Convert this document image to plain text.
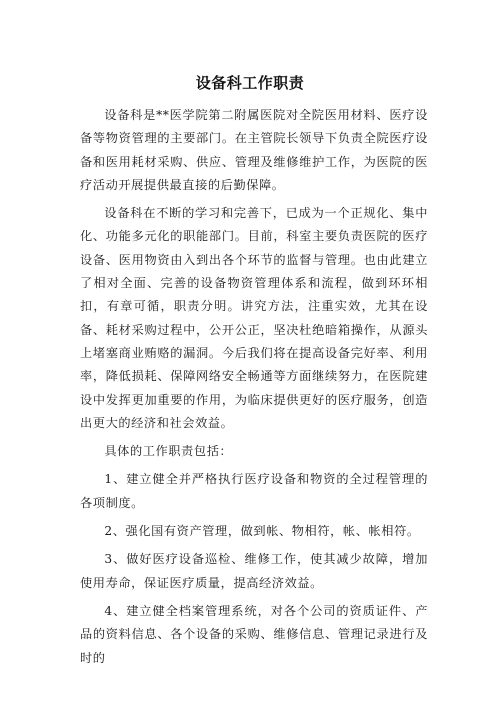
设备科工作职责

设备科是**医学院第二附属医院对全院医用材料、医疗设备等物资管理的主要部门。在主管院长领导下负责全院医疗设备和医用耗材采购、供应、管理及维修维护工作，为医院的医疗活动开展提供最直接的后勤保障。

设备科在不断的学习和完善下，已成为一个正规化、集中化、功能多元化的职能部门。目前，科室主要负责医院的医疗设备、医用物资由入到出各个环节的监督与管理。也由此建立了相对全面、完善的设备物资管理体系和流程，做到环环相扣，有章可循，职责分明。讲究方法，注重实效，尤其在设备、耗材采购过程中，公开公正，坚决杜绝暗箱操作，从源头上堵塞商业贿赂的漏洞。今后我们将在提高设备完好率、利用率，降低损耗、保障网络安全畅通等方面继续努力，在医院建设中发挥更加重要的作用，为临床提供更好的医疗服务，创造出更大的经济和社会效益。

具体的工作职责包括：

1、建立健全并严格执行医疗设备和物资的全过程管理的各项制度。

2、强化国有资产管理，做到帐、物相符，帐、帐相符。

3、做好医疗设备巡检、维修工作，使其减少故障，增加使用寿命，保证医疗质量，提高经济效益。

4、建立健全档案管理系统，对各个公司的资质证件、产品的资料信息、各个设备的采购、维修信息、管理记录进行及时的
